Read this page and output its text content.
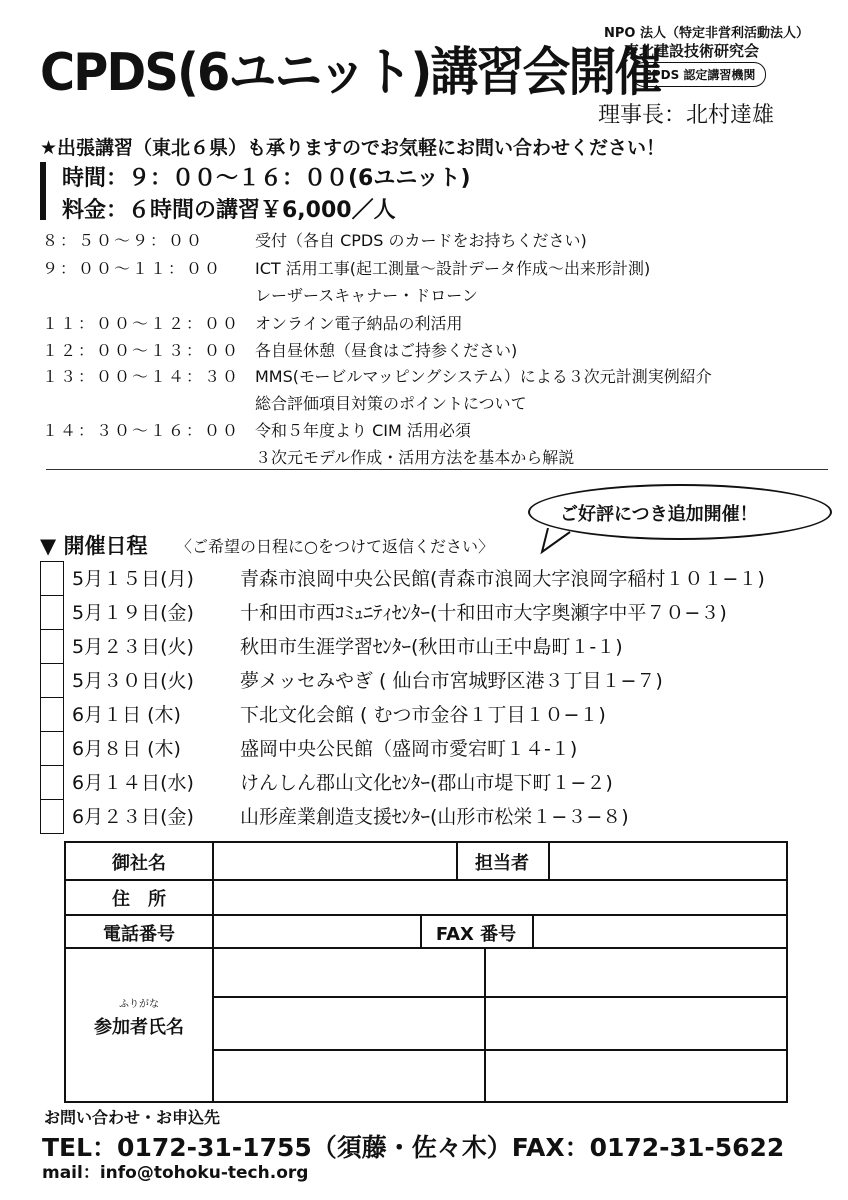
CPDS(6ユニット)講習会開催
NPO 法人（特定非営利活動法人）
東北建設技術研究会
CPDS 認定講習機関
理事長：北村達雄
★出張講習（東北６県）も承りますのでお気軽にお問い合わせください！
時間：９：００〜１６：００(6ユニット)
料金：６時間の講習￥6,000／人
８：５０〜９：００	受付（各自 CPDS のカードをお持ちください)
９：００〜１１：００ ICT 活用工事(起工測量〜設計データ作成〜出来形計測)
レーザースキャナー・ドローン
１１：００〜１２：００ オンライン電子納品の利活用
１２：００〜１３：００ 各自昼休憩（昼食はご持参ください)
１３：００〜１４：３０ MMS(モービルマッピングシステム）による３次元計測実例紹介
総合評価項目対策のポイントについて
１４：３０〜１６：００ 令和５年度より CIM 活用必須
３次元モデル作成・活用方法を基本から解説
ご好評につき追加開催！
▼ 開催日程 〈ご希望の日程に○をつけて返信ください〉
5月１５日(月) 青森市浪岡中央公民館(青森市浪岡大字浪岡字稲村１０１−１)
5月１９日(金) 十和田市西ｺﾐｭﾆﾃｨｾﾝﾀｰ(十和田市大字奥瀬字中平７０−３)
5月２３日(火) 秋田市生涯学習ｾﾝﾀｰ(秋田市山王中島町１-１)
5月３０日(火) 夢メッセみやぎ ( 仙台市宮城野区港３丁目１−７)
6月１日 (木)	下北文化会館 ( むつ市金谷１丁目１０−１)
6月８日 (木)	盛岡中央公民館（盛岡市愛宕町１４-１)
6月１４日(水) けんしん郡山文化ｾﾝﾀｰ(郡山市堤下町１−２)
6月２３日(金) 山形産業創造支援ｾﾝﾀｰ(山形市松栄１−３−８)
御社名	担当者
住　所
電話番号	FAX 番号
ふりがな
参加者氏名
お問い合わせ・お申込先
TEL：0172-31-1755（須藤・佐々木）FAX：0172-31-5622
mail：info@tohoku-tech.org
